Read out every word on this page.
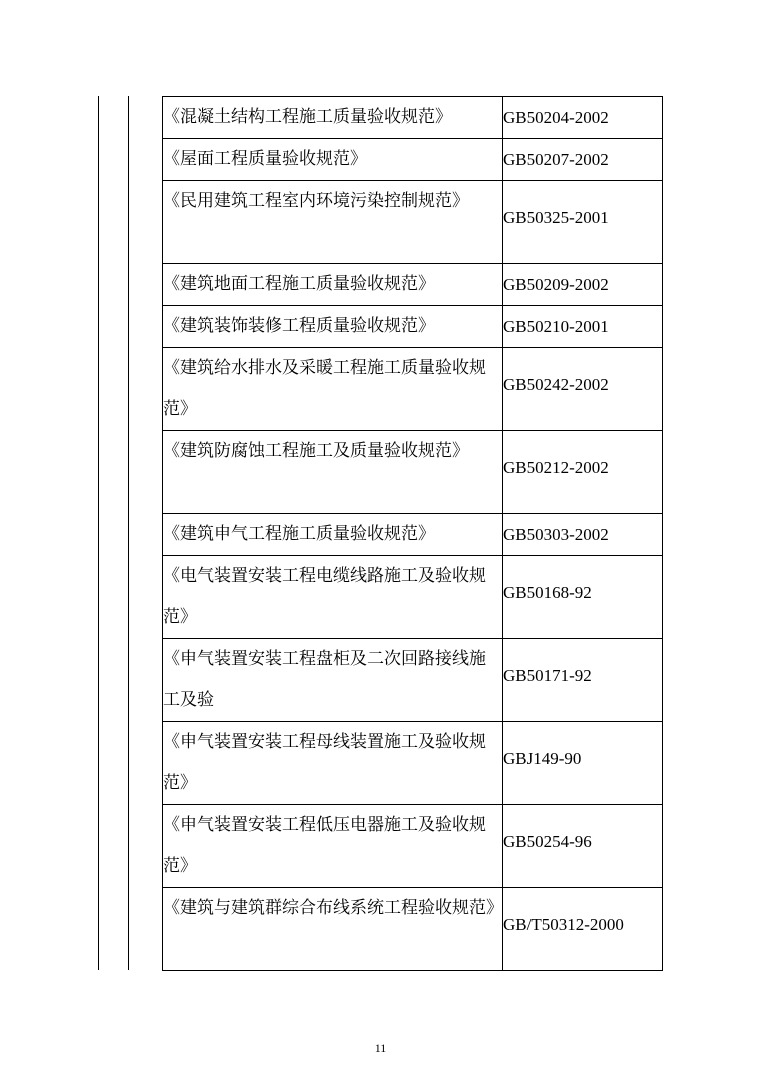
《混凝土结构工程施工质量验收规范》	GB50204-2002
《屋面工程质量验收规范》	GB50207-2002
《民用建筑工程室内环境污染控制规范》	GB50325-2001
《建筑地面工程施工质量验收规范》	GB50209-2002
《建筑装饰装修工程质量验收规范》	GB50210-2001
《建筑给水排水及采暖工程施工质量验收规范》	GB50242-2002
《建筑防腐蚀工程施工及质量验收规范》	GB50212-2002
《建筑申气工程施工质量验收规范》	GB50303-2002
《电气装置安装工程电缆线路施工及验收规范》	GB50168-92
《申气装置安装工程盘柜及二次回路接线施工及验	GB50171-92
《申气装置安装工程母线装置施工及验收规范》	GBJ149-90
《申气装置安装工程低压电器施工及验收规范》	GB50254-96
《建筑与建筑群综合布线系统工程验收规范》	GB/T50312-2000
11
